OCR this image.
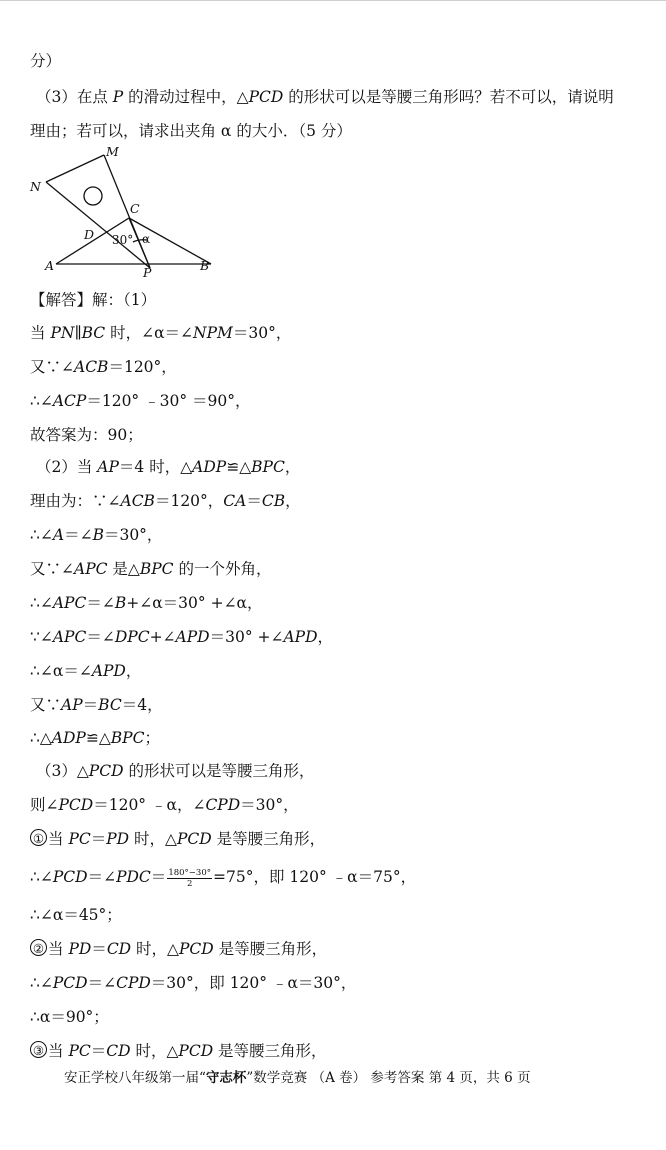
分）
（3）在点 P 的滑动过程中，△PCD 的形状可以是等腰三角形吗？若不可以，请说明
理由；若可以，请求出夹角 α 的大小．（5 分）
M
N
C
D
A	B
P
30° α
【解答】解：（1）
当 PN∥BC 时，∠α＝∠NPM＝30°，
又∵∠ACB＝120°，
∴∠ACP＝120° ﹣30° ＝90°，
故答案为：90；
（2）当 AP＝4 时，△ADP≌△BPC，
理由为：∵∠ACB＝120°，CA＝CB，
∴∠A＝∠B＝30°，
又∵∠APC 是△BPC 的一个外角，
∴∠APC＝∠B+∠α＝30° +∠α，
∵∠APC＝∠DPC+∠APD＝30° +∠APD，
∴∠α＝∠APD，
又∵AP＝BC＝4，
∴△ADP≌△BPC；
（3）△PCD 的形状可以是等腰三角形，
则∠PCD＝120° ﹣α，∠CPD＝30°，
① 当 PC＝PD 时，△PCD 是等腰三角形，
∴∠PCD＝∠PDC＝ $\frac{180^\circ-30^\circ}{2} =75^\circ$，即 120° ﹣α＝75°，
∴∠α＝45°；
② 当 PD＝CD 时，△PCD 是等腰三角形，
∴∠PCD＝∠CPD＝30°，即 120° ﹣α＝30°，
∴α＝90°；
③ 当 PC＝CD 时，△PCD 是等腰三角形，
安正学校八年级第一届“守志杯”数学竞赛 （A 卷） 参考答案 第 4 页，共 6 页
